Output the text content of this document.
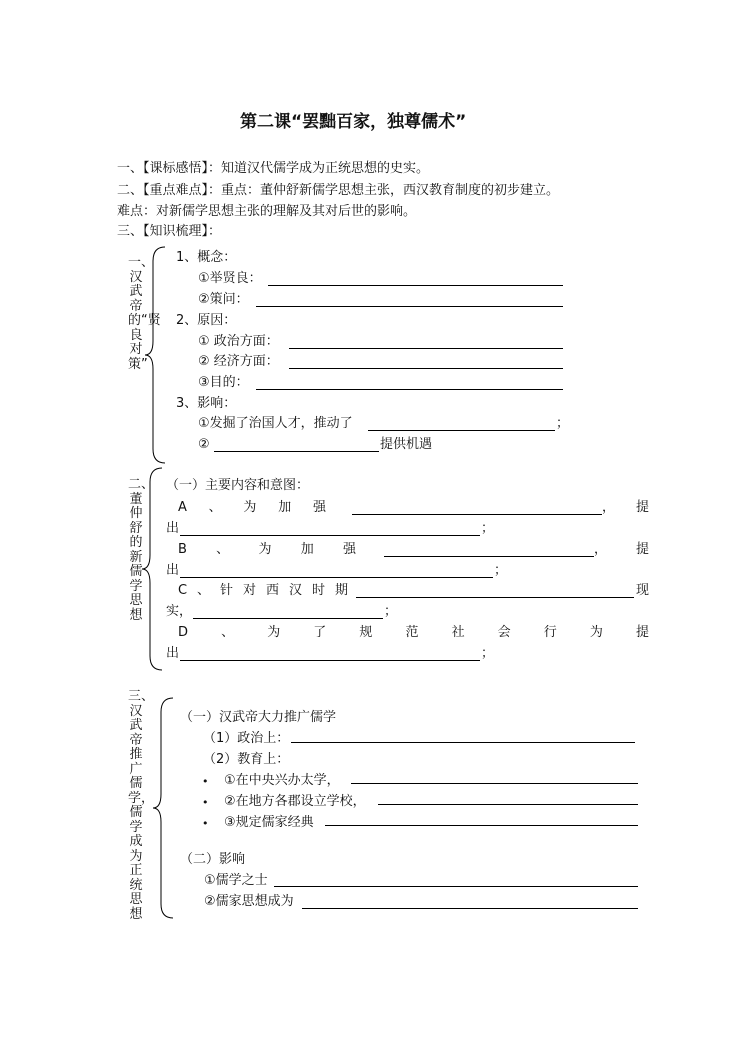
第二课“罢黜百家，独尊儒术”
一、【课标感悟】：知道汉代儒学成为正统思想的史实。
二、【重点难点】：重点：董仲舒新儒学思想主张，西汉教育制度的初步建立。
难点：对新儒学思想主张的理解及其对后世的影响。
三、【知识梳理】：
一、汉武帝的“贤良对策”
1、概念：
①举贤良：
②策问：
2、原因：
① 政治方面：
② 经济方面：
③目的：
3、影响：
①发掘了治国人才，推动了	；
②	提供机遇
二、董仲舒的新儒学思想
（一）主要内容和意图：
A 、 为 加 强	， 提
出	；
B 、 为 加 强	， 提
出	；
C 、 针 对 西 汉 时 期	现
实，	；
D	、	为	了	规	范	社	会	行	为	提
出	；
三、汉武帝推广儒学，儒学成为正统思想
（一）汉武帝大力推广儒学
（1）政治上：
（2）教育上：
• ①在中央兴办太学，
• ②在地方各郡设立学校，
• ③规定儒家经典
（二）影响
①儒学之士
②儒家思想成为
